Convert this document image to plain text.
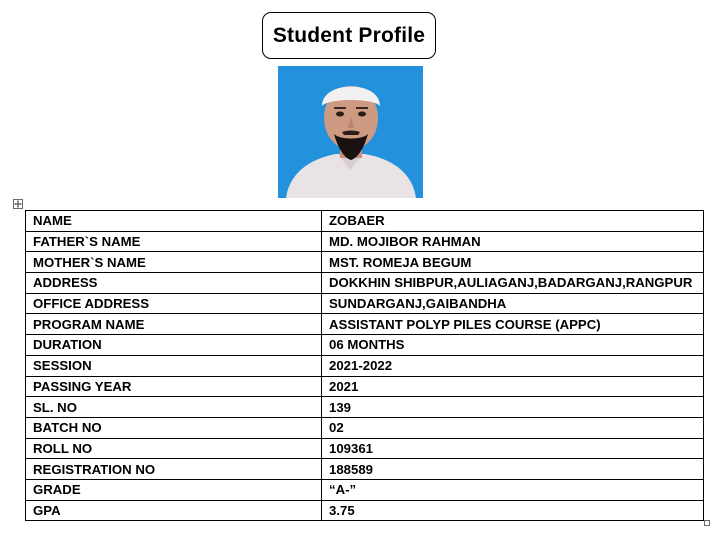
Student Profile
NAME	ZOBAER
FATHER`S NAME	MD. MOJIBOR RAHMAN
MOTHER`S NAME	MST. ROMEJA BEGUM
ADDRESS	DOKKHIN SHIBPUR,AULIAGANJ,BADARGANJ,RANGPUR
OFFICE ADDRESS	SUNDARGANJ,GAIBANDHA
PROGRAM NAME	ASSISTANT POLYP PILES COURSE (APPC)
DURATION	06 MONTHS
SESSION	2021-2022
PASSING YEAR	2021
SL. NO	139
BATCH NO	02
ROLL NO	109361
REGISTRATION NO	188589
GRADE	“A-”
GPA	3.75
